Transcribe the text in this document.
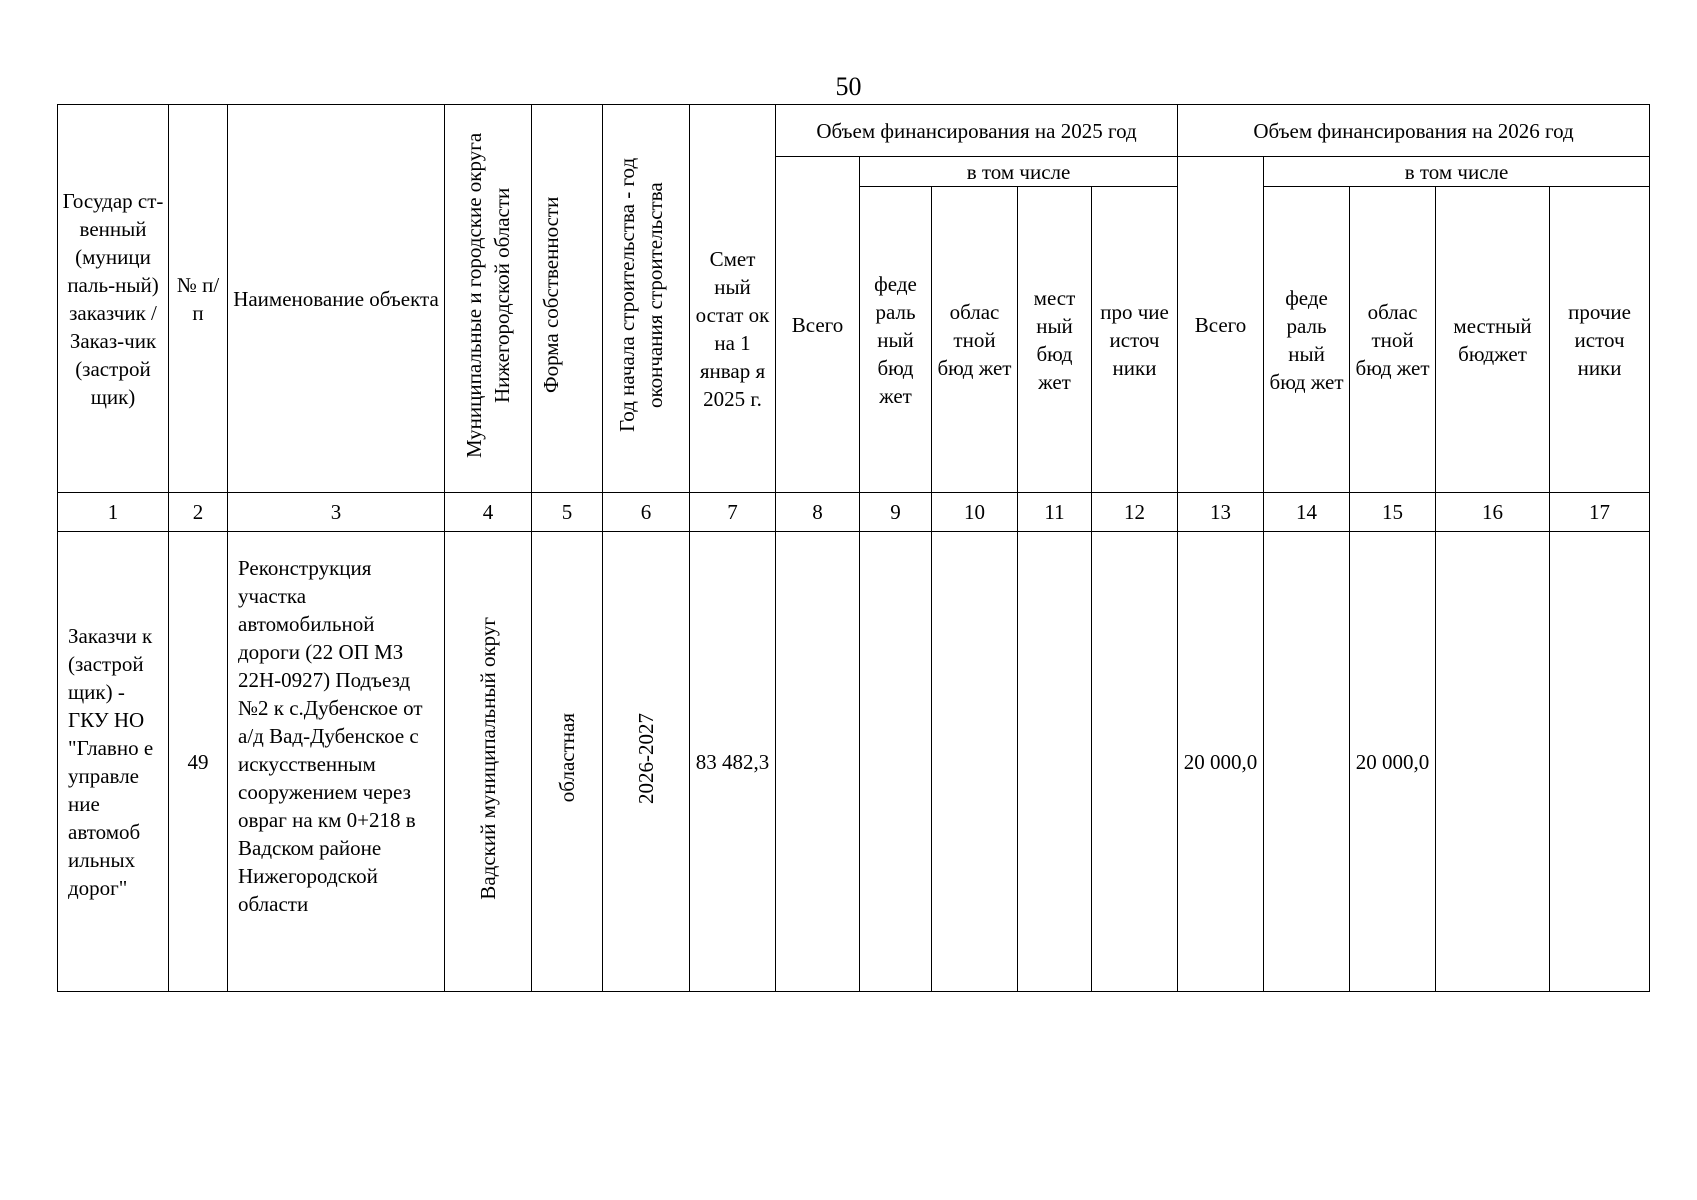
50
Государ ст-венный (муници паль-ный) заказчик / Заказ-чик (застрой щик)	№ п/п	Наименование объекта	Муниципальные и городские округа Нижегородской области	Форма собственности	Год начала строительства - год окончания строительства	Смет ный остат ок на 1 январ я 2025 г.	Объем финансирования на 2025 год					Объем финансирования на 2026 год				
							Всего	в том числе				Всего	в том числе			
								феде раль ный бюд жет	облас тной бюд жет	мест ный бюд жет	про чие источ ники		феде раль ный бюд жет	облас тной бюд жет	местный бюджет	прочие источ ники
1	2	3	4	5	6	7	8	9	10	11	12	13	14	15	16	17
Заказчи к (застрой щик) - ГКУ НО "Главно е управле ние автомоб ильных дорог"	49	Реконструкция участка автомобильной дороги (22 ОП МЗ 22Н-0927) Подъезд №2 к с.Дубенское от а/д Вад-Дубенское с искусственным сооружением через овраг на км 0+218 в Вадском районе Нижегородской области	Вадский муниципальный округ	областная	2026-2027	83 482,3						20 000,0		20 000,0		
